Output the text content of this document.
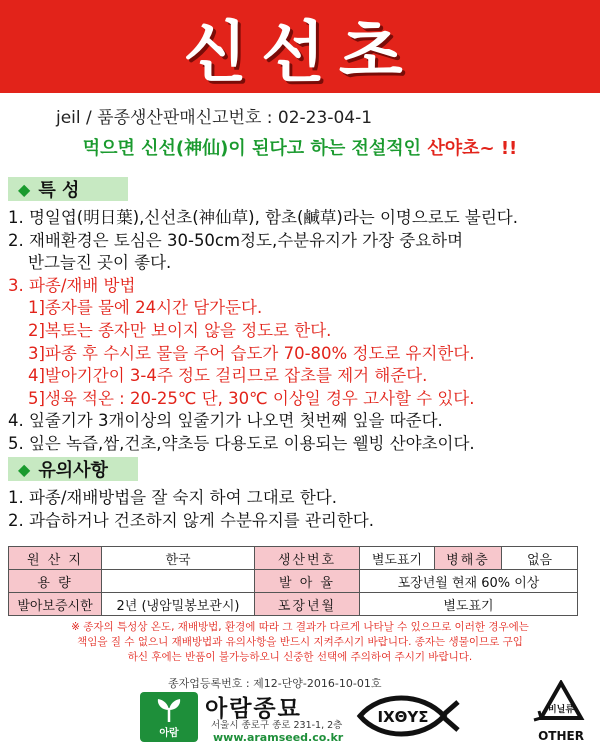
신선초
jeil / 품종생산판매신고번호 : 02-23-04-1
먹으면 신선(神仙)이 된다고 하는 전설적인 산야초~ !!
◆ 특 성
1. 명일엽(明日葉),신선초(神仙草), 함초(鹹草)라는 이명으로도 불린다.
2. 재배환경은 토심은 30-50cm정도,수분유지가 가장 중요하며
반그늘진 곳이 좋다.
3. 파종/재배 방법
1]종자를 물에 24시간 담가둔다.
2]복토는 종자만 보이지 않을 정도로 한다.
3]파종 후 수시로 물을 주어 습도가 70-80% 정도로 유지한다.
4]발아기간이 3-4주 정도 걸리므로 잡초를 제거 해준다.
5]생육 적온 : 20-25℃ 단, 30℃ 이상일 경우 고사할 수 있다.
4. 잎줄기가 3개이상의 잎줄기가 나오면 첫번째 잎을 따준다.
5. 잎은 녹즙,쌈,건초,약초등 다용도로 이용되는 웰빙 산야초이다.
◆ 유의사항
1. 파종/재배방법을 잘 숙지 하여 그대로 한다.
2. 과습하거나 건조하지 않게 수분유지를 관리한다.
원 산 지	한국	생산번호	별도표기	병해충	없음
용 량		발 아 율	포장년월 현재 60% 이상		
발아보증시한	2년 (냉암밀봉보관시)	포장년월	별도표기		
※ 종자의 특성상 온도, 재배방법, 환경에 따라 그 결과가 다르게 나타날 수 있으므로 이러한 경우에는
책임을 질 수 없으니 재배방법과 유의사항을 반드시 지켜주시기 바랍니다. 종자는 생물이므로 구입
하신 후에는 반품이 불가능하오니 신중한 선택에 주의하여 주시기 바랍니다.
종자업등록번호 : 제12-단양-2016-10-01호
아람
아람종묘
서울시 종로구 종로 231-1, 2층
www.aramseed.co.kr
ΙΧΘΥΣ	비닐류
OTHER
